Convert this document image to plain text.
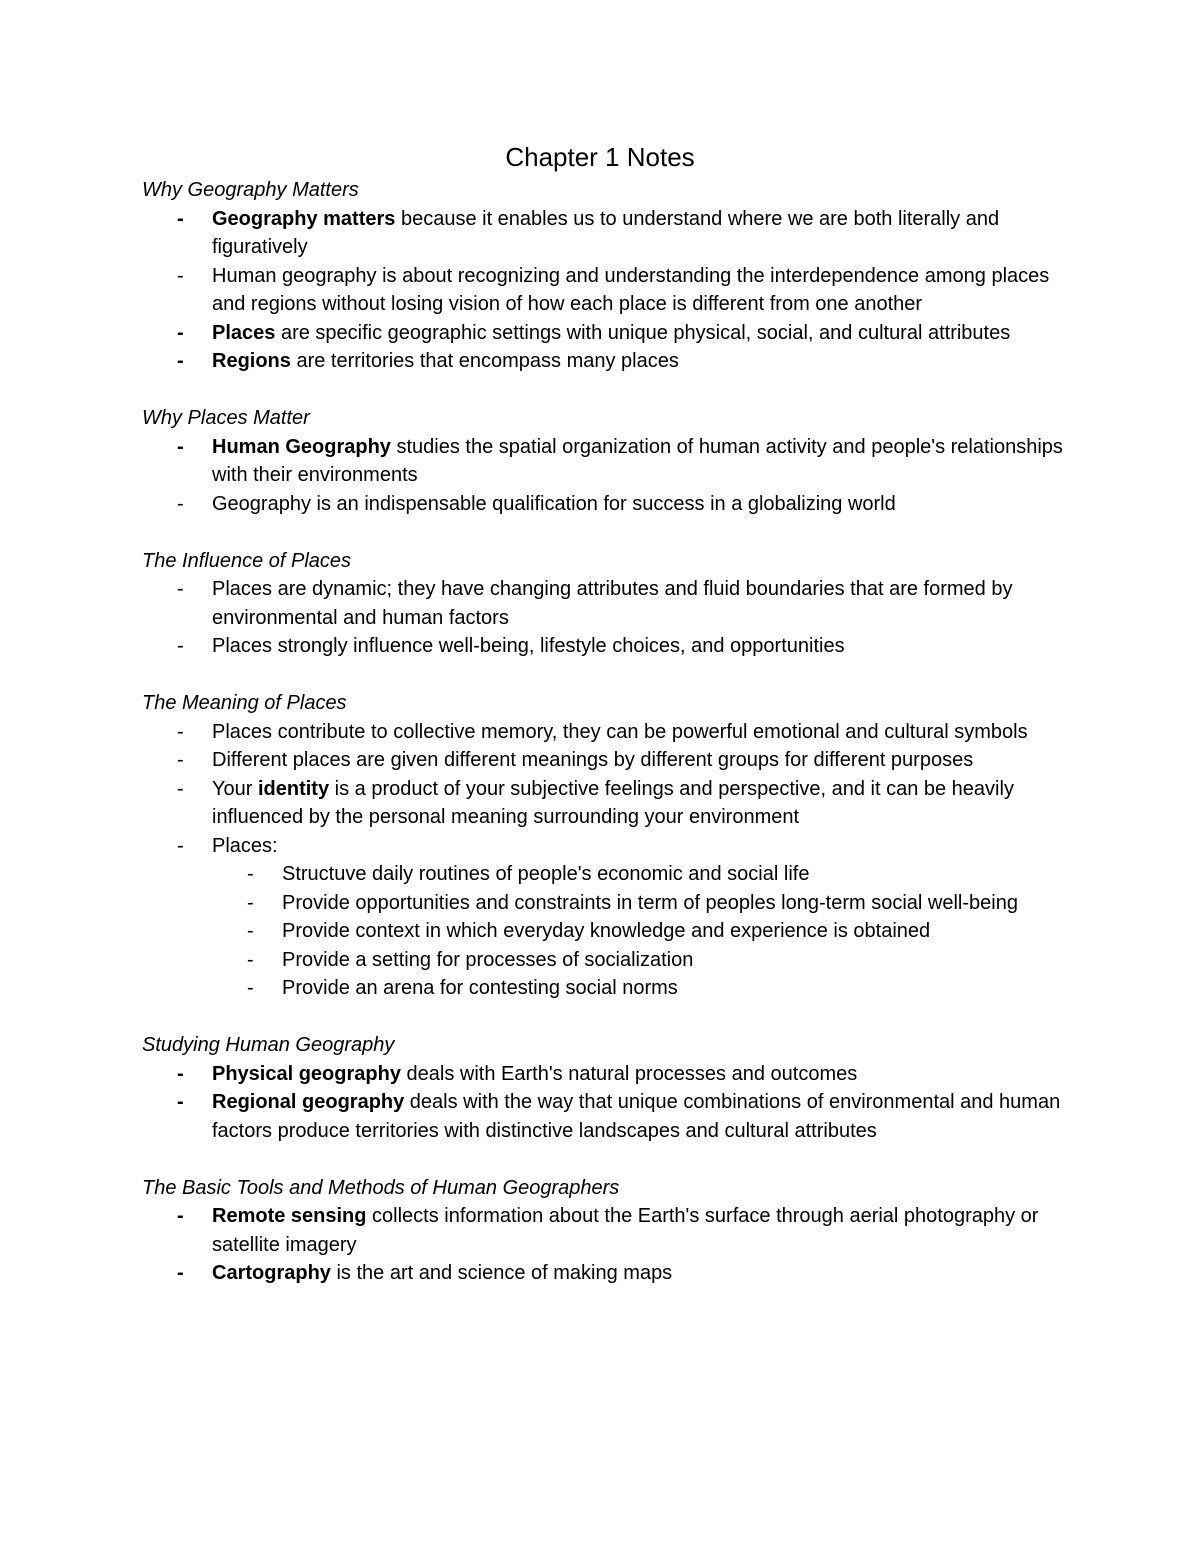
Chapter 1 Notes
Why Geography Matters
-	Geography matters because it enables us to understand where we are both literally and figuratively
-	Human geography is about recognizing and understanding the interdependence among places and regions without losing vision of how each place is different from one another
-	Places are specific geographic settings with unique physical, social, and cultural attributes
-	Regions are territories that encompass many places
Why Places Matter
-	Human Geography studies the spatial organization of human activity and people's relationships with their environments
-	Geography is an indispensable qualification for success in a globalizing world
The Influence of Places
-	Places are dynamic; they have changing attributes and fluid boundaries that are formed by environmental and human factors
-	Places strongly influence well-being, lifestyle choices, and opportunities
The Meaning of Places
-	Places contribute to collective memory, they can be powerful emotional and cultural symbols
-	Different places are given different meanings by different groups for different purposes
-	Your identity is a product of your subjective feelings and perspective, and it can be heavily influenced by the personal meaning surrounding your environment
-	Places:
- Structuve daily routines of people's economic and social life
- Provide opportunities and constraints in term of peoples long-term social well-being
- Provide context in which everyday knowledge and experience is obtained
- Provide a setting for processes of socialization
- Provide an arena for contesting social norms
Studying Human Geography
-	Physical geography deals with Earth's natural processes and outcomes
-	Regional geography deals with the way that unique combinations of environmental and human factors produce territories with distinctive landscapes and cultural attributes
The Basic Tools and Methods of Human Geographers
-	Remote sensing collects information about the Earth's surface through aerial photography or satellite imagery
-	Cartography is the art and science of making maps
